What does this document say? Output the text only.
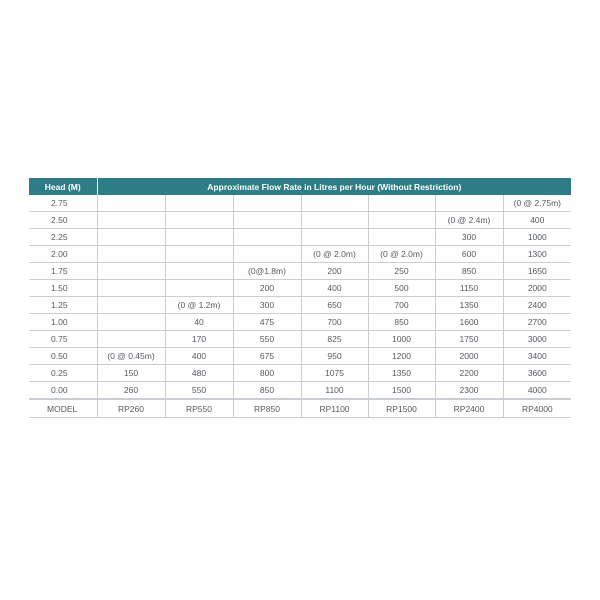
Head (M)	Approximate Flow Rate in Litres per Hour (Without Restriction)						
2.75							(0 @ 2.75m)
2.50						(0 @ 2.4m)	400
2.25						300	1000
2.00				(0 @ 2.0m)	(0 @ 2.0m)	600	1300
1.75			(0@1.8m)	200	250	850	1650
1.50			200	400	500	1150	2000
1.25		(0 @ 1.2m)	300	650	700	1350	2400
1.00		40	475	700	850	1600	2700
0.75		170	550	825	1000	1750	3000
0.50	(0 @ 0.45m)	400	675	950	1200	2000	3400
0.25	150	480	800	1075	1350	2200	3600
0.00	260	550	850	1100	1500	2300	4000
MODEL	RP260	RP550	RP850	RP1100	RP1500	RP2400	RP4000
